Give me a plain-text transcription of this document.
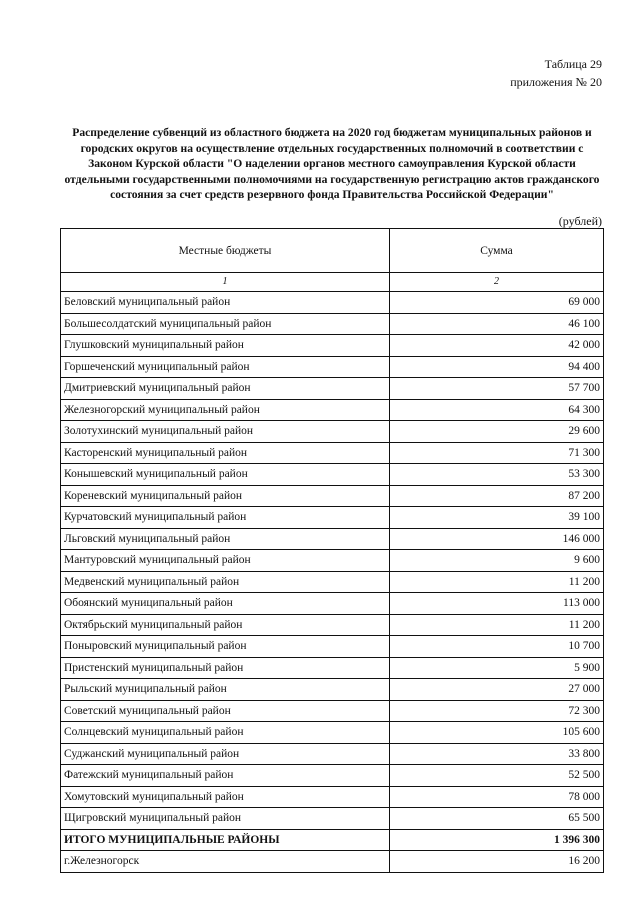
Таблица 29
приложения № 20
Распределение субвенций из областного бюджета на 2020 год бюджетам муниципальных районов и городских округов на осуществление отдельных государственных полномочий в соответствии с Законом Курской области "О наделении органов местного самоуправления Курской области отдельными государственными полномочиями на государственную регистрацию актов гражданского состояния за счет средств резервного фонда Правительства Российской Федерации"
(рублей)
Местные бюджеты	Сумма
1	2
Беловский муниципальный район	69 000
Большесолдатский муниципальный район	46 100
Глушковский муниципальный район	42 000
Горшеченский муниципальный район	94 400
Дмитриевский муниципальный район	57 700
Железногорский муниципальный район	64 300
Золотухинский муниципальный район	29 600
Касторенский муниципальный район	71 300
Конышевский муниципальный район	53 300
Кореневский муниципальный район	87 200
Курчатовский муниципальный район	39 100
Льговский муниципальный район	146 000
Мантуровский муниципальный район	9 600
Медвенский муниципальный район	11 200
Обоянский муниципальный район	113 000
Октябрьский муниципальный район	11 200
Поныровский муниципальный район	10 700
Пристенский муниципальный район	5 900
Рыльский муниципальный район	27 000
Советский муниципальный район	72 300
Солнцевский муниципальный район	105 600
Суджанский муниципальный район	33 800
Фатежский муниципальный район	52 500
Хомутовский муниципальный район	78 000
Щигровский муниципальный район	65 500
ИТОГО МУНИЦИПАЛЬНЫЕ РАЙОНЫ	1 396 300
г.Железногорск	16 200
